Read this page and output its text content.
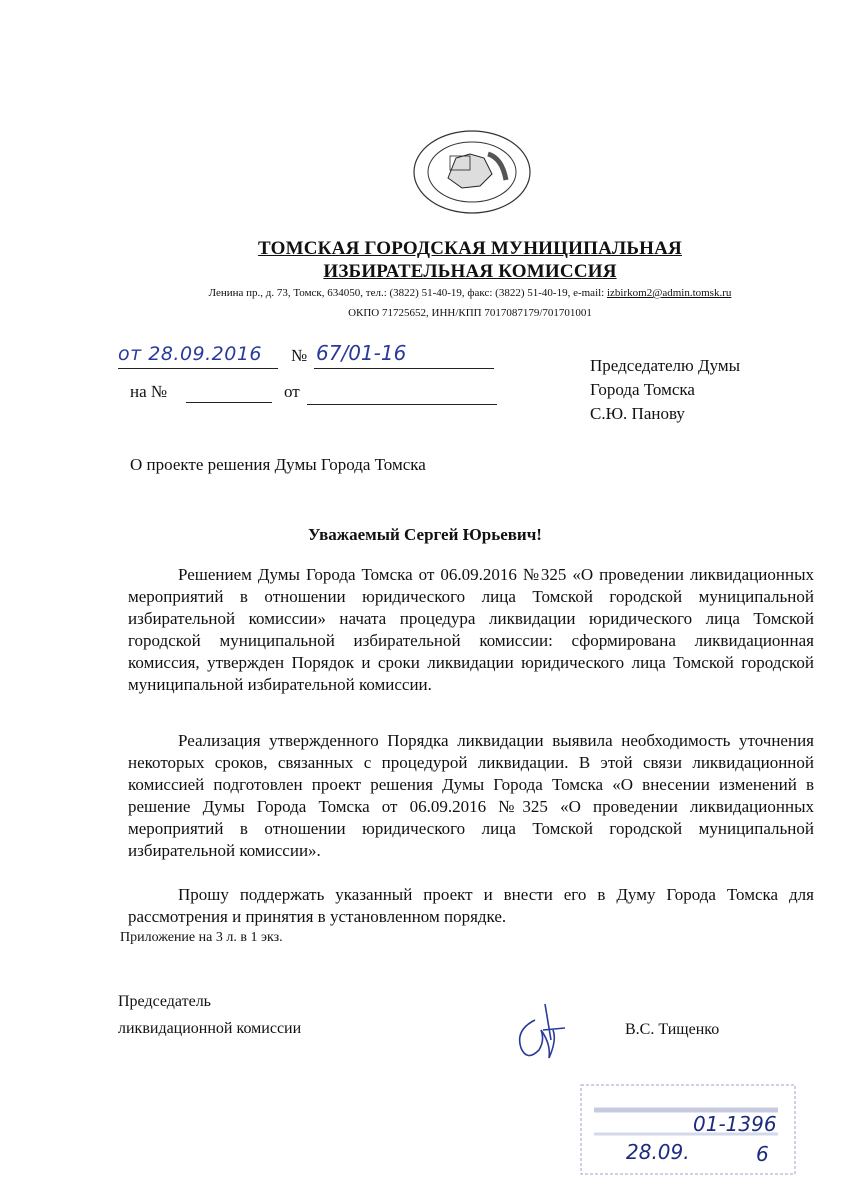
ТОМСКАЯ ГОРОДСКАЯ МУНИЦИПАЛЬНАЯ
ИЗБИРАТЕЛЬНАЯ КОМИССИЯ
Ленина пр., д. 73, Томск, 634050, тел.: (3822) 51-40-19, факс: (3822) 51-40-19, e-mail: izbirkom2@admin.tomsk.ru
ОКПО 71725652, ИНН/КПП 7017087179/701701001
от 28.09.2016 № 67/01-16
на №	от
Председателю Думы
Города Томска
С.Ю. Панову
О проекте решения Думы Города Томска
Уважаемый Сергей Юрьевич!

Решением Думы Города Томска от 06.09.2016 №325 «О проведении ликвидационных мероприятий в отношении юридического лица Томской городской муниципальной избирательной комиссии» начата процедура ликвидации юридического лица Томской городской муниципальной избирательной комиссии: сформирована ликвидационная комиссия, утвержден Порядок и сроки ликвидации юридического лица Томской городской муниципальной избирательной комиссии.

Реализация утвержденного Порядка ликвидации выявила необходимость уточнения некоторых сроков, связанных с процедурой ликвидации. В этой связи ликвидационной комиссией подготовлен проект решения Думы Города Томска «О внесении изменений в решение Думы Города Томска от 06.09.2016 №325 «О проведении ликвидационных мероприятий в отношении юридического лица Томской городской муниципальной избирательной комиссии».

Прошу поддержать указанный проект и внести его в Думу Города Томска для рассмотрения и принятия в установленном порядке.

Приложение на 3 л. в 1 экз.
Председатель
ликвидационной комиссии	В.С. Тищенко
01-1396
28.09.	6
